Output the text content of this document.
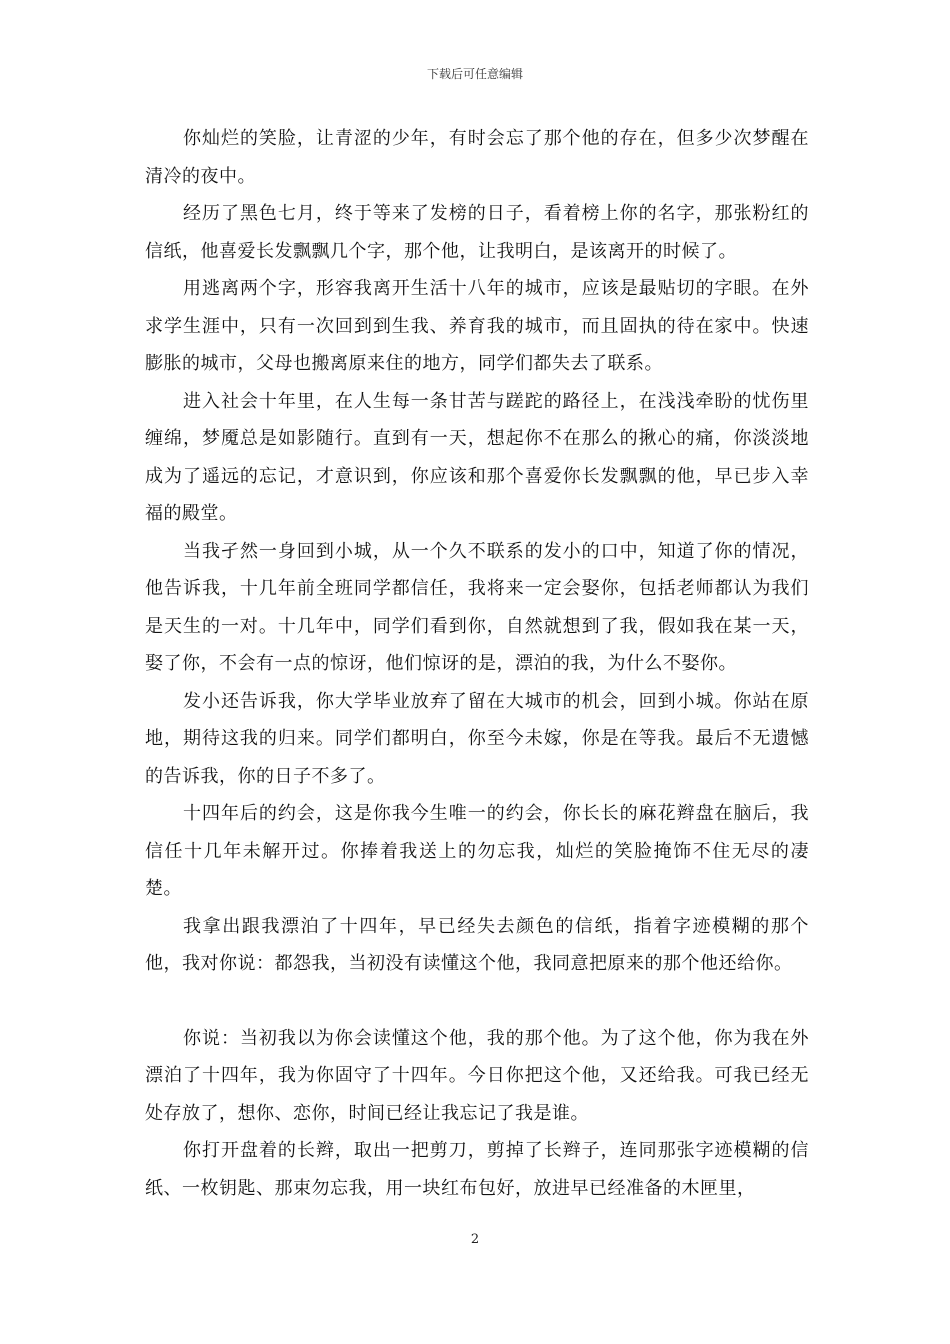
下载后可任意编辑

你灿烂的笑脸，让青涩的少年，有时会忘了那个他的存在，但多少次梦醒在清冷的夜中。

经历了黑色七月，终于等来了发榜的日子，看着榜上你的名字，那张粉红的信纸，他喜爱长发飘飘几个字，那个他，让我明白，是该离开的时候了。

用逃离两个字，形容我离开生活十八年的城市，应该是最贴切的字眼。在外求学生涯中，只有一次回到到生我、养育我的城市，而且固执的待在家中。快速膨胀的城市，父母也搬离原来住的地方，同学们都失去了联系。

进入社会十年里，在人生每一条甘苦与蹉跎的路径上，在浅浅牵盼的忧伤里缠绵，梦魇总是如影随行。直到有一天，想起你不在那么的揪心的痛，你淡淡地成为了遥远的忘记，才意识到，你应该和那个喜爱你长发飘飘的他，早已步入幸福的殿堂。

当我孑然一身回到小城，从一个久不联系的发小的口中，知道了你的情况，他告诉我，十几年前全班同学都信任，我将来一定会娶你，包括老师都认为我们是天生的一对。十几年中，同学们看到你，自然就想到了我，假如我在某一天，娶了你，不会有一点的惊讶，他们惊讶的是，漂泊的我，为什么不娶你。

发小还告诉我，你大学毕业放弃了留在大城市的机会，回到小城。你站在原地，期待这我的归来。同学们都明白，你至今未嫁，你是在等我。最后不无遗憾的告诉我，你的日子不多了。

十四年后的约会，这是你我今生唯一的约会，你长长的麻花辫盘在脑后，我信任十几年未解开过。你捧着我送上的勿忘我，灿烂的笑脸掩饰不住无尽的凄楚。

我拿出跟我漂泊了十四年，早已经失去颜色的信纸，指着字迹模糊的那个他，我对你说：都怨我，当初没有读懂这个他，我同意把原来的那个他还给你。

你说：当初我以为你会读懂这个他，我的那个他。为了这个他，你为我在外漂泊了十四年，我为你固守了十四年。今日你把这个他，又还给我。可我已经无处存放了，想你、恋你，时间已经让我忘记了我是谁。

你打开盘着的长辫，取出一把剪刀，剪掉了长辫子，连同那张字迹模糊的信纸、一枚钥匙、那束勿忘我，用一块红布包好，放进早已经准备的木匣里，

2
